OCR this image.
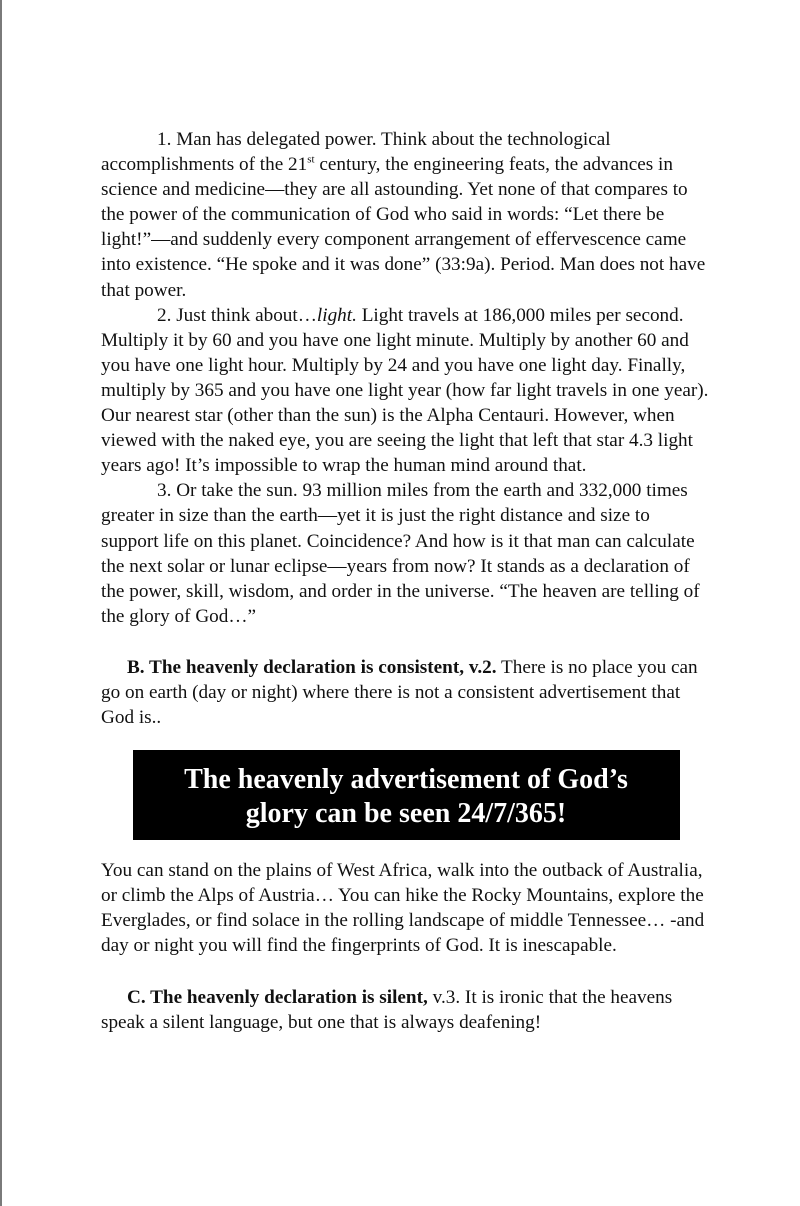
1. Man has delegated power. Think about the technological accomplishments of the 21st century, the engineering feats, the advances in science and medicine—they are all astounding. Yet none of that compares to the power of the communication of God who said in words: “Let there be light!”—and suddenly every component arrangement of effervescence came into existence. “He spoke and it was done” (33:9a). Period. Man does not have that power.

2. Just think about…light. Light travels at 186,000 miles per second. Multiply it by 60 and you have one light minute. Multiply by another 60 and you have one light hour. Multiply by 24 and you have one light day. Finally, multiply by 365 and you have one light year (how far light travels in one year). Our nearest star (other than the sun) is the Alpha Centauri. However, when viewed with the naked eye, you are seeing the light that left that star 4.3 light years ago! It’s impossible to wrap the human mind around that.

3. Or take the sun. 93 million miles from the earth and 332,000 times greater in size than the earth—yet it is just the right distance and size to support life on this planet. Coincidence? And how is it that man can calculate the next solar or lunar eclipse—years from now? It stands as a declaration of the power, skill, wisdom, and order in the universe. “The heaven are telling of the glory of God…”

B. The heavenly declaration is consistent, v.2. There is no place you can go on earth (day or night) where there is not a consistent advertisement that God is..

The heavenly advertisement of God’s
glory can be seen 24/7/365!

You can stand on the plains of West Africa, walk into the outback of Australia, or climb the Alps of Austria… You can hike the Rocky Mountains, explore the Everglades, or find solace in the rolling landscape of middle Tennessee… -and day or night you will find the fingerprints of God. It is inescapable.

C. The heavenly declaration is silent, v.3. It is ironic that the heavens speak a silent language, but one that is always deafening!
